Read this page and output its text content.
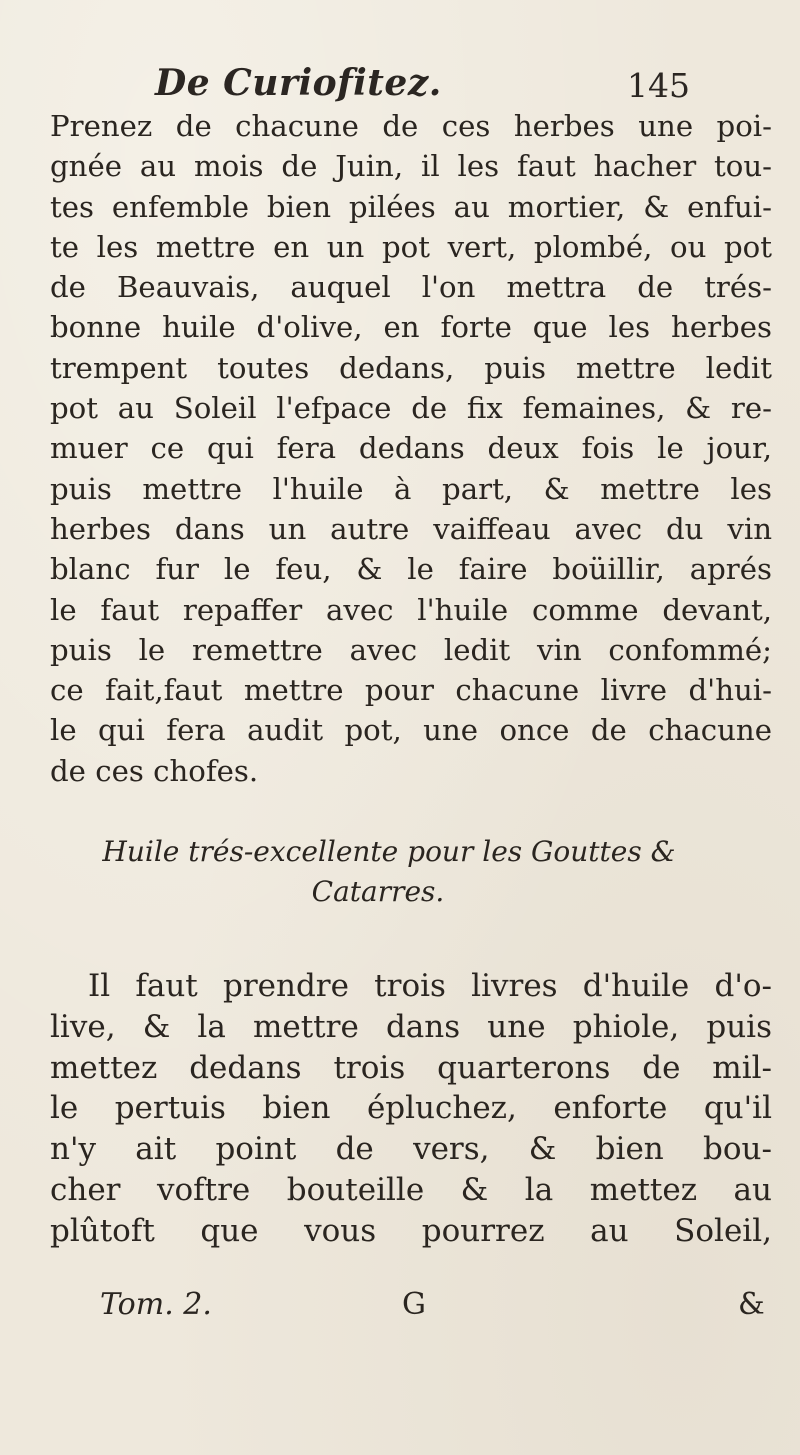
De Curiofitez.	145
Prenez de chacune de ces herbes une poi-
gnée au mois de Juin, il les faut hacher tou-
tes enfemble bien pilées au mortier, & enfui-
te les mettre en un pot vert, plombé, ou pot
de Beauvais, auquel l'on mettra de trés-
bonne huile d'olive, en forte que les herbes
trempent toutes dedans, puis mettre ledit
pot au Soleil l'efpace de fix femaines, & re-
muer ce qui fera dedans deux fois le jour,
puis mettre l'huile à part, & mettre les
herbes dans un autre vaiffeau avec du vin
blanc fur le feu, & le faire boüillir, aprés
le faut repaffer avec l'huile comme devant,
puis le remettre avec ledit vin confommé;
ce fait,faut mettre pour chacune livre d'hui-
le qui fera audit pot, une once de chacune
de ces chofes.
Huile trés-excellente pour les Gouttes &
Catarres.
Il faut prendre trois livres d'huile d'o-
live, & la mettre dans une phiole, puis
mettez dedans trois quarterons de mil-
le pertuis bien épluchez, enforte qu'il
n'y ait point de vers, & bien bou-
cher voftre bouteille & la mettez au
plûtoft que vous pourrez au Soleil,
Tom. 2.	G	&
